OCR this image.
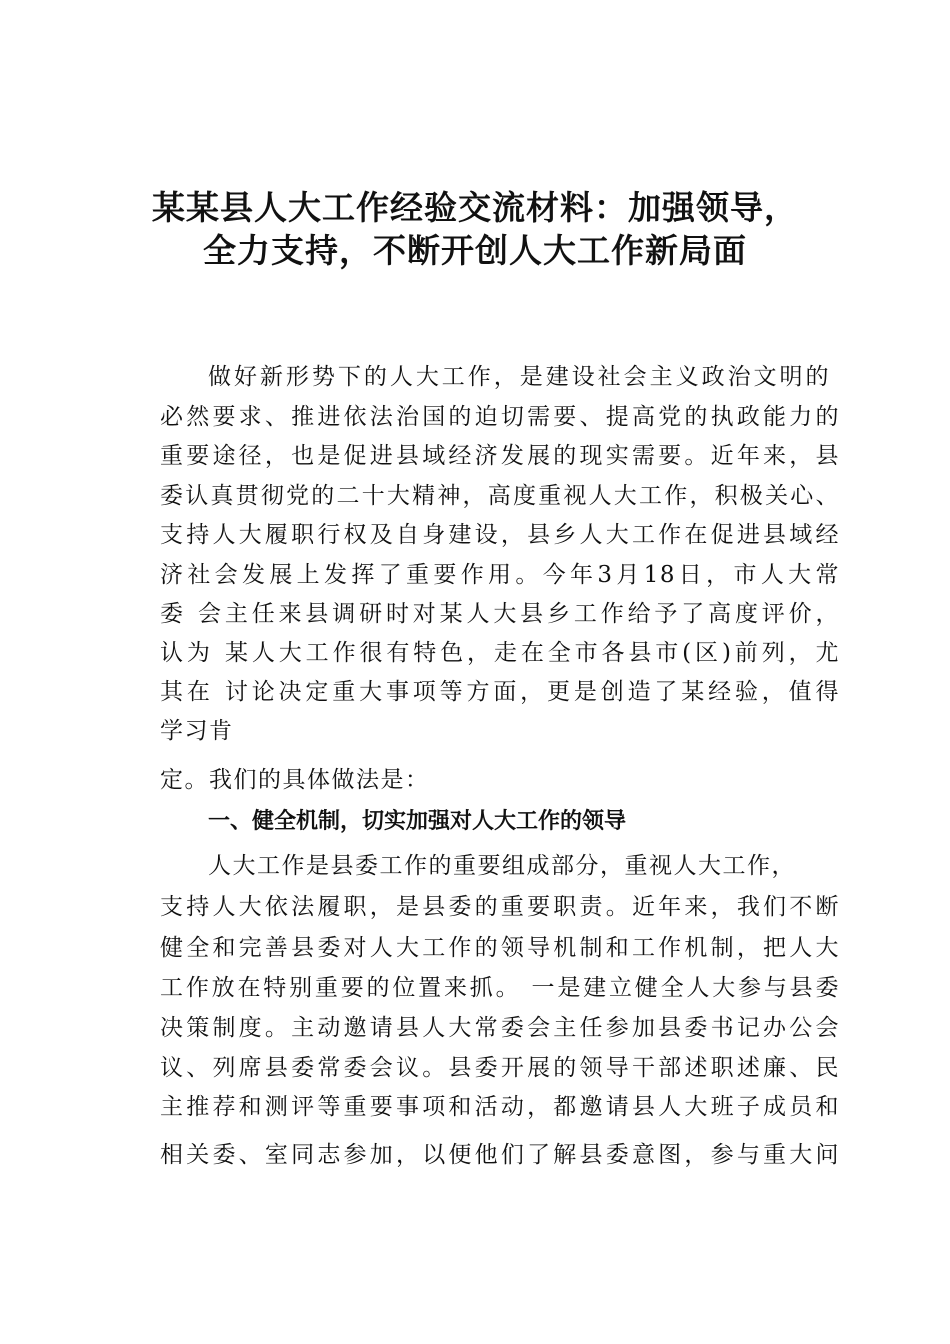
某某县人大工作经验交流材料：加强领导，
全力支持，不断开创人大工作新局面
做好新形势下的人大工作，是建设社会主义政治文明的
必然要求、推进依法治国的迫切需要、提高党的执政能力的
重要途径，也是促进县域经济发展的现实需要。近年来，县
委认真贯彻党的二十大精神，高度重视人大工作，积极关心、
支持人大履职行权及自身建设，县乡人大工作在促进县域经
济社会发展上发挥了重要作用。今年3月18日，市人大常
委 会主任来县调研时对某人大县乡工作给予了高度评价，
认为 某人大工作很有特色，走在全市各县市(区)前列，尤
其在 讨论决定重大事项等方面，更是创造了某经验，值得
学习肯
定。我们的具体做法是：
一、健全机制，切实加强对人大工作的领导
人大工作是县委工作的重要组成部分，重视人大工作，
支持人大依法履职，是县委的重要职责。近年来，我们不断
健全和完善县委对人大工作的领导机制和工作机制，把人大
工作放在特别重要的位置来抓。 一是建立健全人大参与县委
决策制度。主动邀请县人大常委会主任参加县委书记办公会
议、列席县委常委会议。县委开展的领导干部述职述廉、民
主推荐和测评等重要事项和活动，都邀请县人大班子成员和
相关委、室同志参加，以便他们了解县委意图，参与重大问
